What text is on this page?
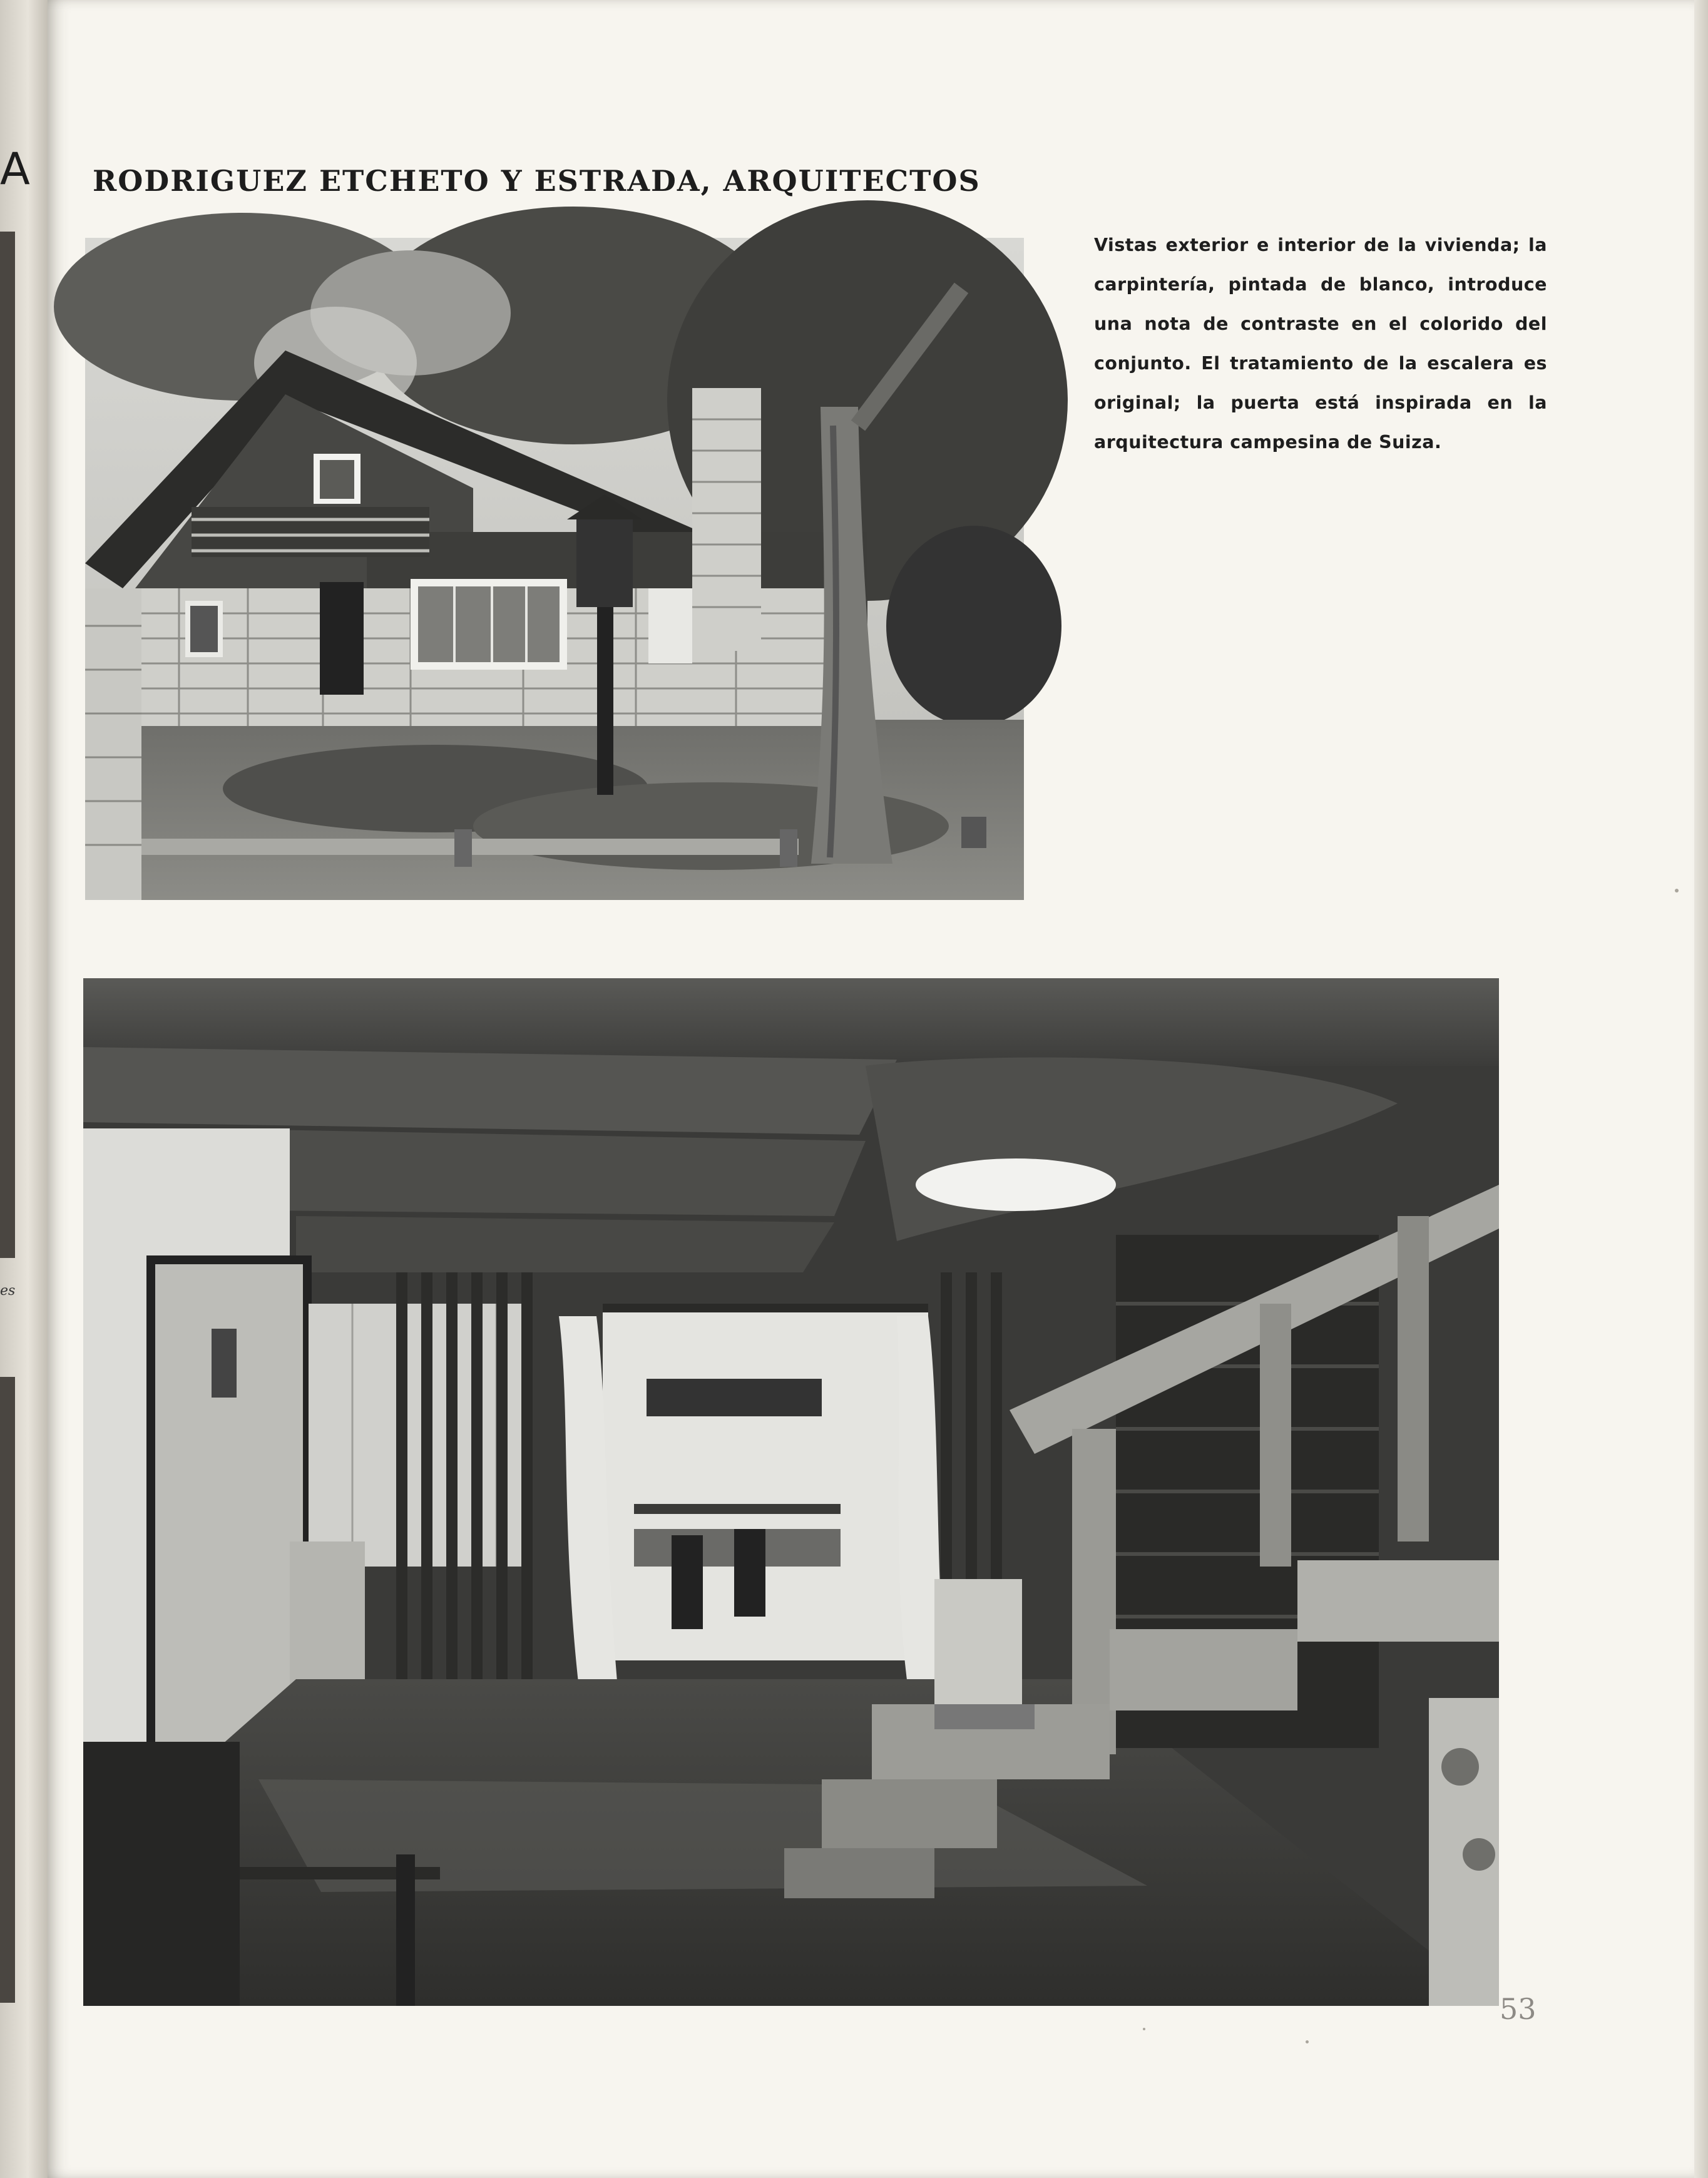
A
es
RODRIGUEZ ETCHETO Y ESTRADA, ARQUITECTOS

Vistas exterior e interior de la vivienda; la carpintería, pintada de blanco, introduce una nota de contraste en el colorido del conjunto. El tratamiento de la escalera es original; la puerta está inspirada en la arquitectura campesina de Suiza.

53
